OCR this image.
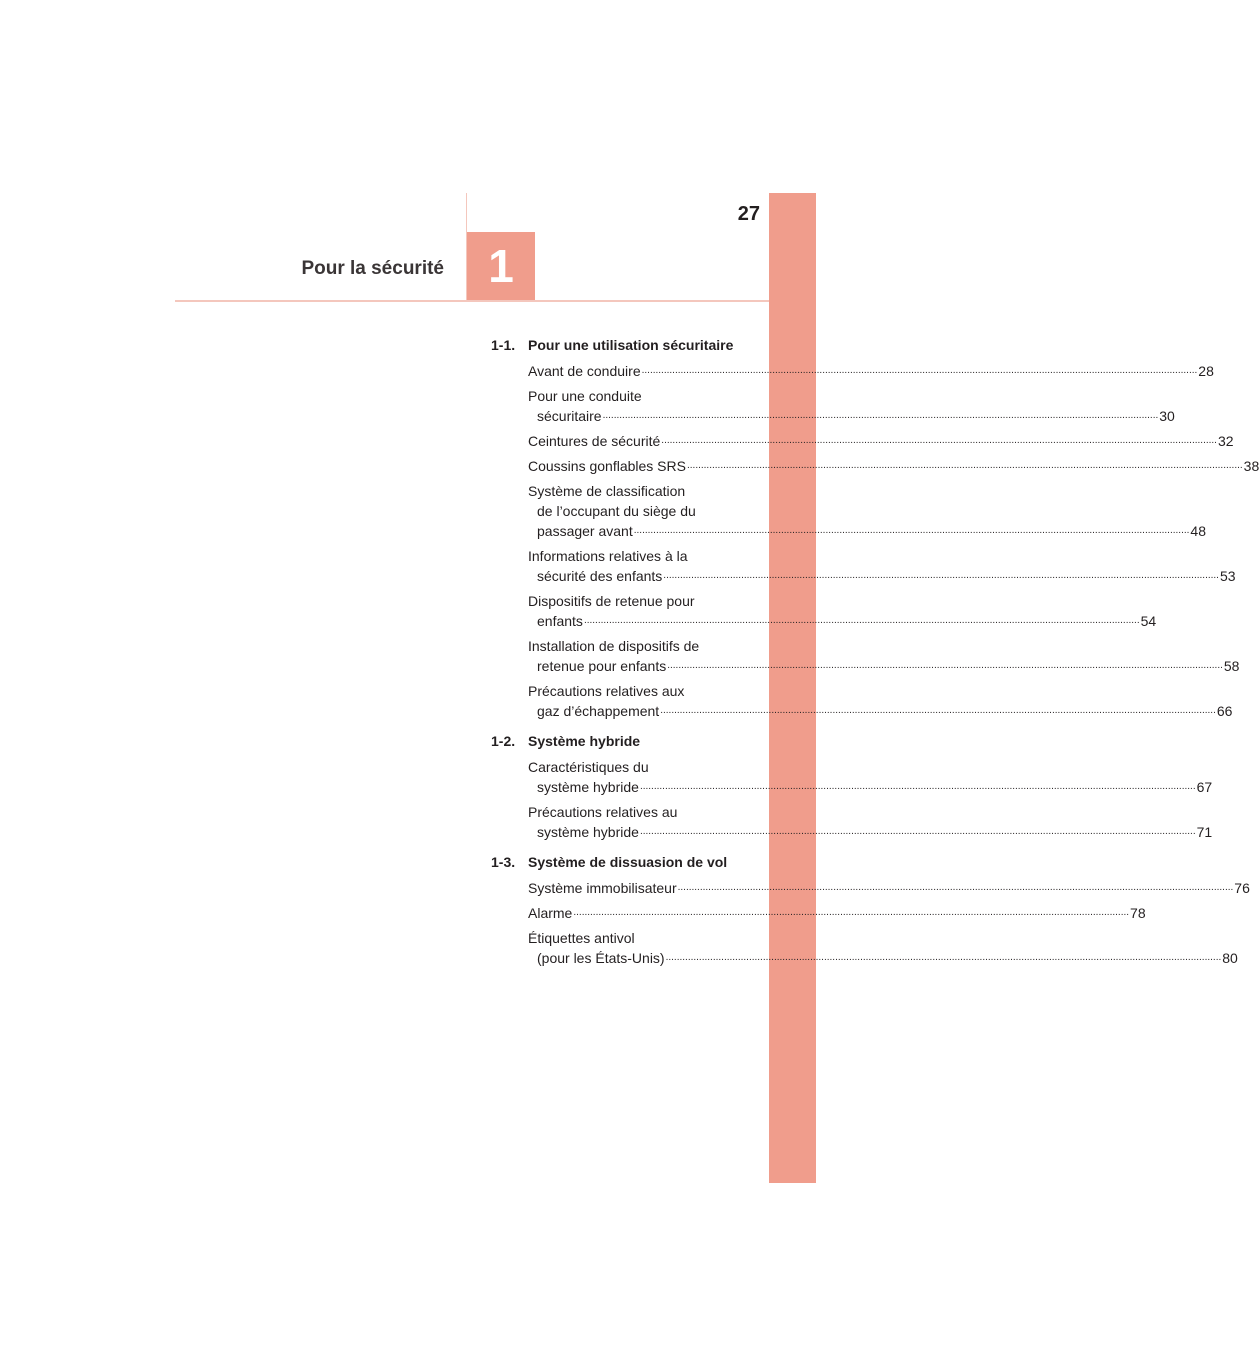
27
Pour la sécurité 1
1-1. Pour une utilisation sécuritaire
Avant de conduire ........................................................................................................................................................................................................ 28
Pour une conduite
sécuritaire ........................................................................................................................................................................................................ 30
Ceintures de sécurité ........................................................................................................................................................................................................ 32
Coussins gonflables SRS ........................................................................................................................................................................................................ 38
Système de classification
de l’occupant du siège du
passager avant ........................................................................................................................................................................................................ 48
Informations relatives à la
sécurité des enfants ........................................................................................................................................................................................................ 53
Dispositifs de retenue pour
enfants ........................................................................................................................................................................................................ 54
Installation de dispositifs de
retenue pour enfants ........................................................................................................................................................................................................ 58
Précautions relatives aux
gaz d’échappement ........................................................................................................................................................................................................ 66
1-2. Système hybride
Caractéristiques du
système hybride ........................................................................................................................................................................................................ 67
Précautions relatives au
système hybride ........................................................................................................................................................................................................ 71
1-3. Système de dissuasion de vol
Système immobilisateur ........................................................................................................................................................................................................ 76
Alarme ........................................................................................................................................................................................................ 78
Étiquettes antivol
(pour les États-Unis) ........................................................................................................................................................................................................ 80
